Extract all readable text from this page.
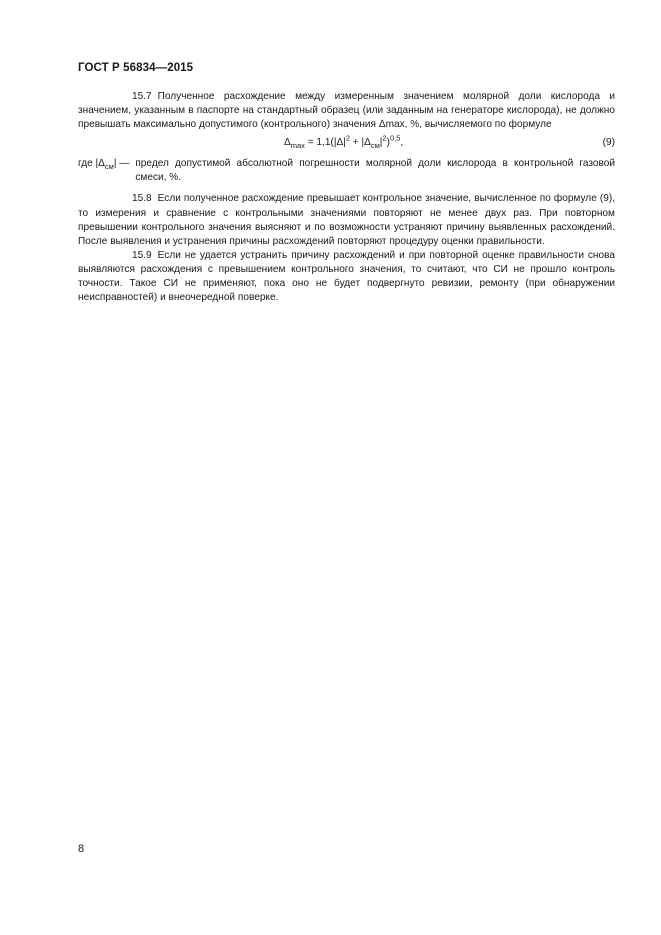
ГОСТ Р 56834—2015

15.7 Полученное расхождение между измеренным значением молярной доли кислорода и значением, указанным в паспорте на стандартный образец (или заданным на генераторе кислорода), не должно превышать максимально допустимого (контрольного) значения Δmax, %, вычисляемого по формуле

$\Delta_{max} = 1,1(|\Delta|^2 + |\Delta_{см}|^2)^{0,5}$,	(9)
где $|\Delta_{см}|$ — предел допустимой абсолютной погрешности молярной доли кислорода в контрольной газовой смеси, %.

15.8 Если полученное расхождение превышает контрольное значение, вычисленное по формуле (9), то измерения и сравнение с контрольными значениями повторяют не менее двух раз. При повторном превышении контрольного значения выясняют и по возможности устраняют причину выявленных расхождений. После выявления и устранения причины расхождений повторяют процедуру оценки правильности.

15.9 Если не удается устранить причину расхождений и при повторной оценке правильности снова выявляются расхождения с превышением контрольного значения, то считают, что СИ не прошло контроль точности. Такое СИ не применяют, пока оно не будет подвергнуто ревизии, ремонту (при обнаружении неисправностей) и внеочередной поверке.

8
